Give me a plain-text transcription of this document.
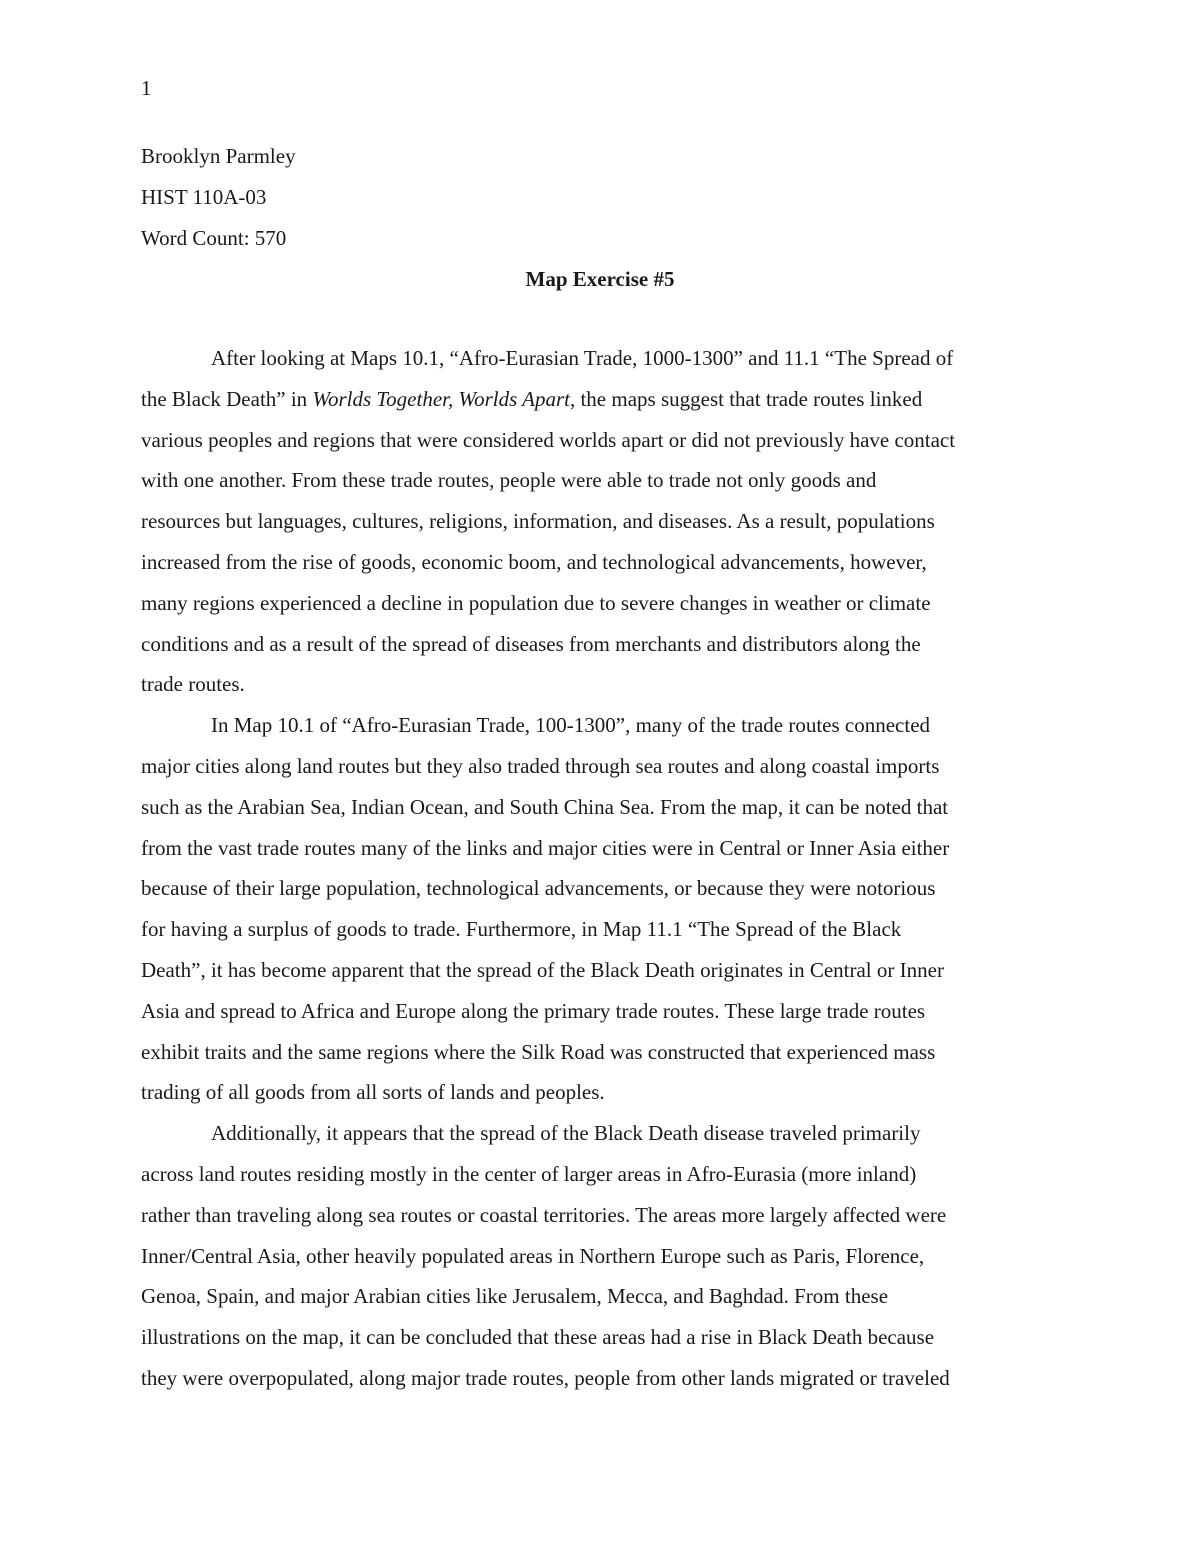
1
Brooklyn Parmley
HIST 110A-03
Word Count: 570
Map Exercise #5
After looking at Maps 10.1, “Afro-Eurasian Trade, 1000-1300” and 11.1 “The Spread of
the Black Death” in Worlds Together, Worlds Apart, the maps suggest that trade routes linked
various peoples and regions that were considered worlds apart or did not previously have contact
with one another. From these trade routes, people were able to trade not only goods and
resources but languages, cultures, religions, information, and diseases. As a result, populations
increased from the rise of goods, economic boom, and technological advancements, however,
many regions experienced a decline in population due to severe changes in weather or climate
conditions and as a result of the spread of diseases from merchants and distributors along the
trade routes.
In Map 10.1 of “Afro-Eurasian Trade, 100-1300”, many of the trade routes connected
major cities along land routes but they also traded through sea routes and along coastal imports
such as the Arabian Sea, Indian Ocean, and South China Sea. From the map, it can be noted that
from the vast trade routes many of the links and major cities were in Central or Inner Asia either
because of their large population, technological advancements, or because they were notorious
for having a surplus of goods to trade. Furthermore, in Map 11.1 “The Spread of the Black
Death”, it has become apparent that the spread of the Black Death originates in Central or Inner
Asia and spread to Africa and Europe along the primary trade routes. These large trade routes
exhibit traits and the same regions where the Silk Road was constructed that experienced mass
trading of all goods from all sorts of lands and peoples.
Additionally, it appears that the spread of the Black Death disease traveled primarily
across land routes residing mostly in the center of larger areas in Afro-Eurasia (more inland)
rather than traveling along sea routes or coastal territories. The areas more largely affected were
Inner/Central Asia, other heavily populated areas in Northern Europe such as Paris, Florence,
Genoa, Spain, and major Arabian cities like Jerusalem, Mecca, and Baghdad. From these
illustrations on the map, it can be concluded that these areas had a rise in Black Death because
they were overpopulated, along major trade routes, people from other lands migrated or traveled
